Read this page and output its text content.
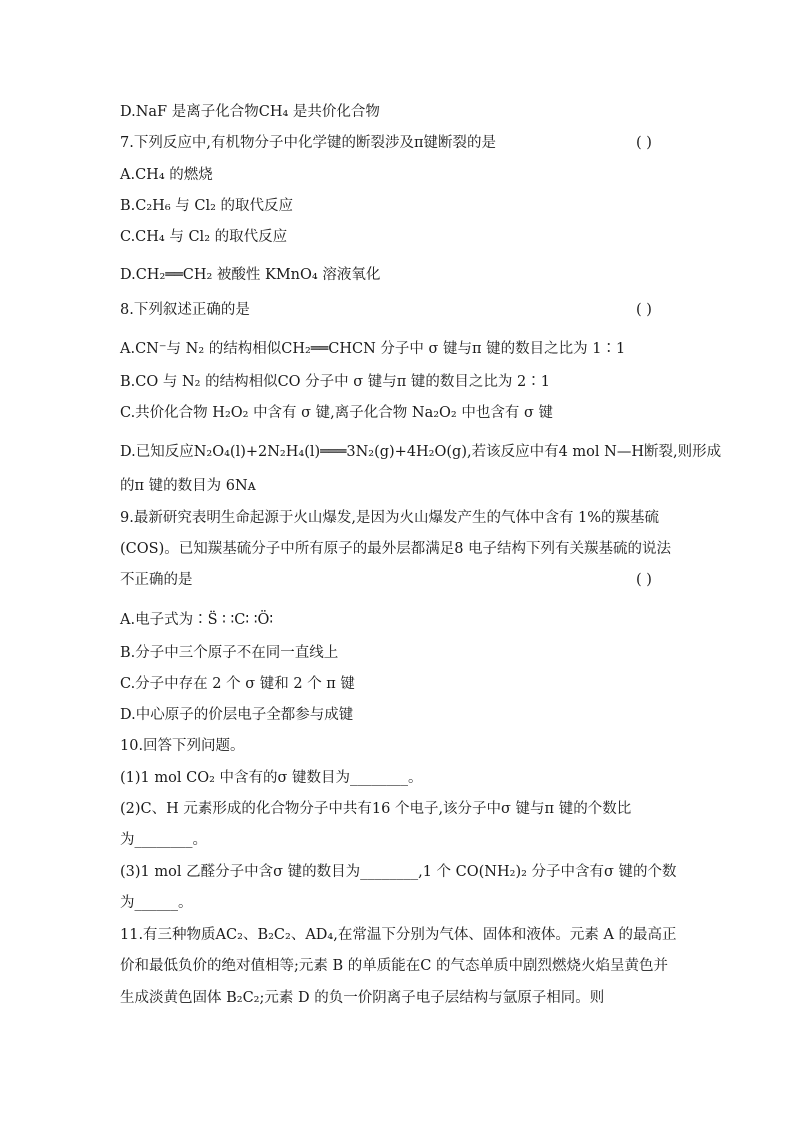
D.NaF 是离子化合物CH₄ 是共价化合物
7.下列反应中,有机物分子中化学键的断裂涉及π键断裂的是	( )
A.CH₄ 的燃烧
B.C₂H₆ 与 Cl₂ 的取代反应
C.CH₄ 与 Cl₂ 的取代反应
D.CH₂══CH₂ 被酸性 KMnO₄ 溶液氧化
8.下列叙述正确的是	( )
A.CN⁻与 N₂ 的结构相似CH₂══CHCN 分子中 σ 键与π 键的数目之比为 1∶1
B.CO 与 N₂ 的结构相似CO 分子中 σ 键与π 键的数目之比为 2∶1
C.共价化合物 H₂O₂ 中含有 σ 键,离子化合物 Na₂O₂ 中也含有 σ 键
D.已知反应N₂O₄(l)+2N₂H₄(l)═══3N₂(g)+4H₂O(g),若该反应中有4 mol N—H断裂,则形成
的π 键的数目为 6Nᴀ
9.最新研究表明生命起源于火山爆发,是因为火山爆发产生的气体中含有 1%的羰基硫
(COS)。已知羰基硫分子中所有原子的最外层都满足8 电子结构下列有关羰基硫的说法
不正确的是	( )
A.电子式为∶S̈ ∶ ∶C∶ ∶Ö∶
B.分子中三个原子不在同一直线上
C.分子中存在 2 个 σ 键和 2 个 π 键
D.中心原子的价层电子全都参与成键
10.回答下列问题。
(1)1 mol CO₂ 中含有的σ 键数目为________。
(2)C、H 元素形成的化合物分子中共有16 个电子,该分子中σ 键与π 键的个数比
为________。
(3)1 mol 乙醛分子中含σ 键的数目为________,1 个 CO(NH₂)₂ 分子中含有σ 键的个数
为______。
11.有三种物质AC₂、B₂C₂、AD₄,在常温下分别为气体、固体和液体。元素 A 的最高正
价和最低负价的绝对值相等;元素 B 的单质能在C 的气态单质中剧烈燃烧火焰呈黄色并
生成淡黄色固体 B₂C₂;元素 D 的负一价阴离子电子层结构与氩原子相同。则
